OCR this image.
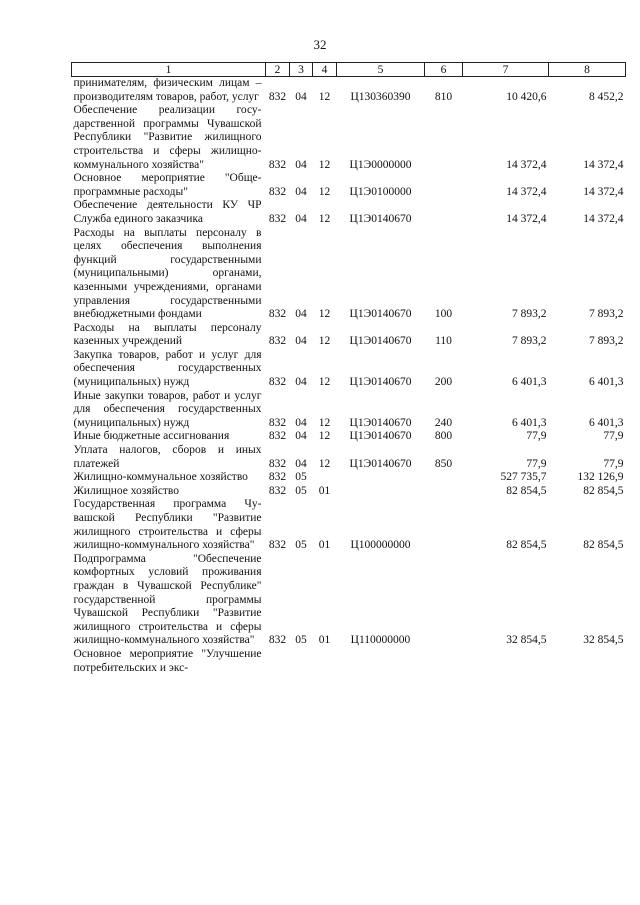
32
1	2	3	4	5	6	7	8
принимателям, физическим лицам – производителям товаров, работ, услуг	832	04	12	Ц130360390	810	10 420,6	8 452,2
Обеспечение реализации государственной программы Чувашской Республики "Развитие жилищного строительства и сферы жилищно-коммунального хозяйства"	832	04	12	Ц1Э0000000		14 372,4	14 372,4
Основное мероприятие "Общепрограммные расходы"	832	04	12	Ц1Э0100000		14 372,4	14 372,4
Обеспечение деятельности КУ ЧР Служба единого заказчика	832	04	12	Ц1Э0140670		14 372,4	14 372,4
Расходы на выплаты персоналу в целях обеспечения выполнения функций государственными (муниципальными) органами, казенными учреждениями, органами управления государственными внебюджетными фондами	832	04	12	Ц1Э0140670	100	7 893,2	7 893,2
Расходы на выплаты персоналу казенных учреждений	832	04	12	Ц1Э0140670	110	7 893,2	7 893,2
Закупка товаров, работ и услуг для обеспечения государственных (муниципальных) нужд	832	04	12	Ц1Э0140670	200	6 401,3	6 401,3
Иные закупки товаров, работ и услуг для обеспечения государственных (муниципальных) нужд	832	04	12	Ц1Э0140670	240	6 401,3	6 401,3
Иные бюджетные ассигнования	832	04	12	Ц1Э0140670	800	77,9	77,9
Уплата налогов, сборов и иных платежей	832	04	12	Ц1Э0140670	850	77,9	77,9
Жилищно-коммунальное хозяйство	832	05				527 735,7	132 126,9
Жилищное хозяйство	832	05	01			82 854,5	82 854,5
Государственная программа Чувашской Республики "Развитие жилищного строительства и сферы жилищно-коммунального хозяйства"	832	05	01	Ц100000000		82 854,5	82 854,5
Подпрограмма "Обеспечение комфортных условий проживания граждан в Чувашской Республике" государственной программы Чувашской Республики "Развитие жилищного строительства и сферы жилищно-коммунального хозяйства"	832	05	01	Ц110000000		32 854,5	32 854,5
Основное мероприятие "Улучшение потребительских и экс-							
